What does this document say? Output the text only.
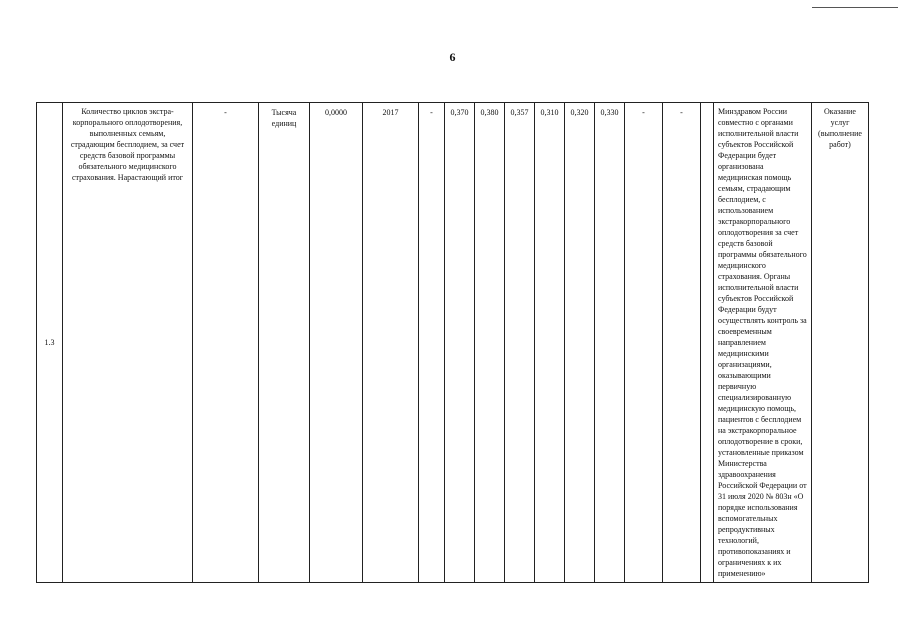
6
1.3	Количество циклов экстра-корпорального оплодотворения, выполненных семьям, страдающим бесплодием, за счет средств базовой программы обязательного медицинского страхования. Нарастающий итог	-	Тысяча единиц	0,0000	2017	-	0,370	0,380	0,357	0,310	0,320	0,330	-	-		Минздравом России совместно с органами исполнительной власти субъектов Российской Федерации будет организована медицинская помощь семьям, страдающим бесплодием, с использованием экстракорпорального оплодотворения за счет средств базовой программы обязательного медицинского страхования. Органы исполнительной власти субъектов Российской Федерации будут осуществлять контроль за своевременным направлением медицинскими организациями, оказывающими первичную специализированную медицинскую помощь, пациентов с бесплодием на экстракорпоральное оплодотворение в сроки, установленные приказом Министерства здравоохранения Российской Федерации от 31 июля 2020 № 803н «О порядке использования вспомогательных репродуктивных технологий, противопоказаниях и ограничениях к их применению»	Оказание услуг (выполнение работ)
